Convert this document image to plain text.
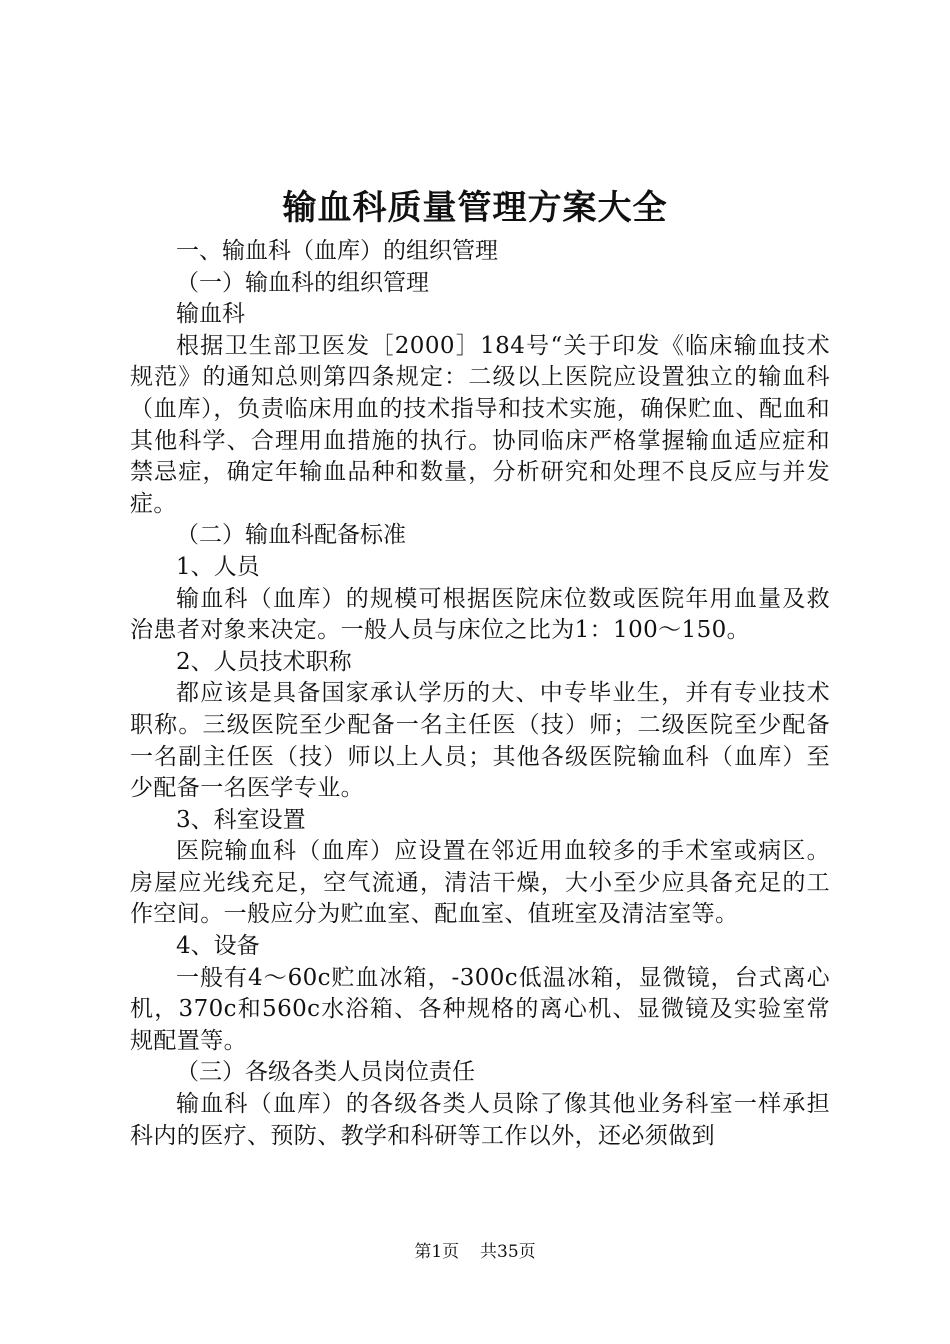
输血科质量管理方案大全

一、输血科（血库）的组织管理

（一）输血科的组织管理

输血科

根据卫生部卫医发［2000］184号“关于印发《临床输血技术规范》的通知总则第四条规定：二级以上医院应设置独立的输血科（血库），负责临床用血的技术指导和技术实施，确保贮血、配血和其他科学、合理用血措施的执行。协同临床严格掌握输血适应症和禁忌症，确定年输血品种和数量，分析研究和处理不良反应与并发症。

（二）输血科配备标准

1、人员

输血科（血库）的规模可根据医院床位数或医院年用血量及救治患者对象来决定。一般人员与床位之比为1：100～150。

2、人员技术职称

都应该是具备国家承认学历的大、中专毕业生，并有专业技术职称。三级医院至少配备一名主任医（技）师；二级医院至少配备一名副主任医（技）师以上人员；其他各级医院输血科（血库）至少配备一名医学专业。

3、科室设置

医院输血科（血库）应设置在邻近用血较多的手术室或病区。房屋应光线充足，空气流通，清洁干燥，大小至少应具备充足的工作空间。一般应分为贮血室、配血室、值班室及清洁室等。

4、设备

一般有4～60c贮血冰箱，-300c低温冰箱，显微镜，台式离心机，370c和560c水浴箱、各种规格的离心机、显微镜及实验室常规配置等。

（三）各级各类人员岗位责任

输血科（血库）的各级各类人员除了像其他业务科室一样承担科内的医疗、预防、教学和科研等工作以外，还必须做到

第1页 共35页
